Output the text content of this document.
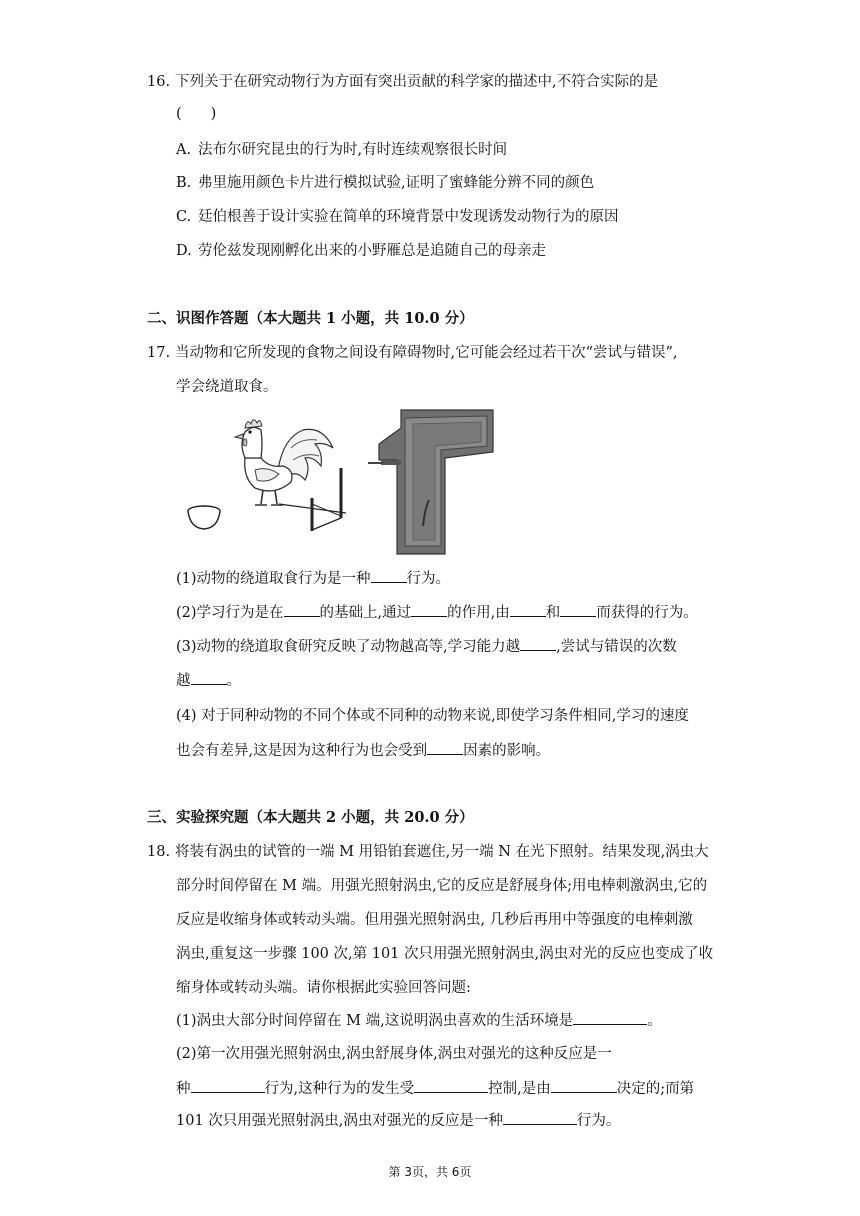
16. 下列关于在研究动物行为方面有突出贡献的科学家的描述中,不符合实际的是
(　　)
A. 法布尔研究昆虫的行为时,有时连续观察很长时间
B. 弗里施用颜色卡片进行模拟试验,证明了蜜蜂能分辨不同的颜色
C. 廷伯根善于设计实验在简单的环境背景中发现诱发动物行为的原因
D. 劳伦兹发现刚孵化出来的小野雁总是追随自己的母亲走
二、识图作答题（本大题共 1 小题，共 10.0 分）
17. 当动物和它所发现的食物之间设有障碍物时,它可能会经过若干次“尝试与错误”,
学会绕道取食。
(1)动物的绕道取食行为是一种 行为。
(2)学习行为是在 的基础上,通过 的作用,由 和 而获得的行为。
(3)动物的绕道取食研究反映了动物越高等,学习能力越 ,尝试与错误的次数
越 。
(4) 对于同种动物的不同个体或不同种的动物来说,即使学习条件相同,学习的速度
也会有差异,这是因为这种行为也会受到 因素的影响。
三、实验探究题（本大题共 2 小题，共 20.0 分）
18. 将装有涡虫的试管的一端 M 用铅铂套遮住,另一端 N 在光下照射。结果发现,涡虫大
部分时间停留在 M 端。用强光照射涡虫,它的反应是舒展身体;用电棒刺激涡虫,它的
反应是收缩身体或转动头端。但用强光照射涡虫, 几秒后再用中等强度的电棒刺激
涡虫,重复这一步骤 100 次,第 101 次只用强光照射涡虫,涡虫对光的反应也变成了收
缩身体或转动头端。请你根据此实验回答问题:
(1)涡虫大部分时间停留在 M 端,这说明涡虫喜欢的生活环境是	。
(2)第一次用强光照射涡虫,涡虫舒展身体,涡虫对强光的这种反应是一
种	行为,这种行为的发生受	控制,是由	决定的;而第
101 次只用强光照射涡虫,涡虫对强光的反应是一种	行为。
第 3页，共 6页
